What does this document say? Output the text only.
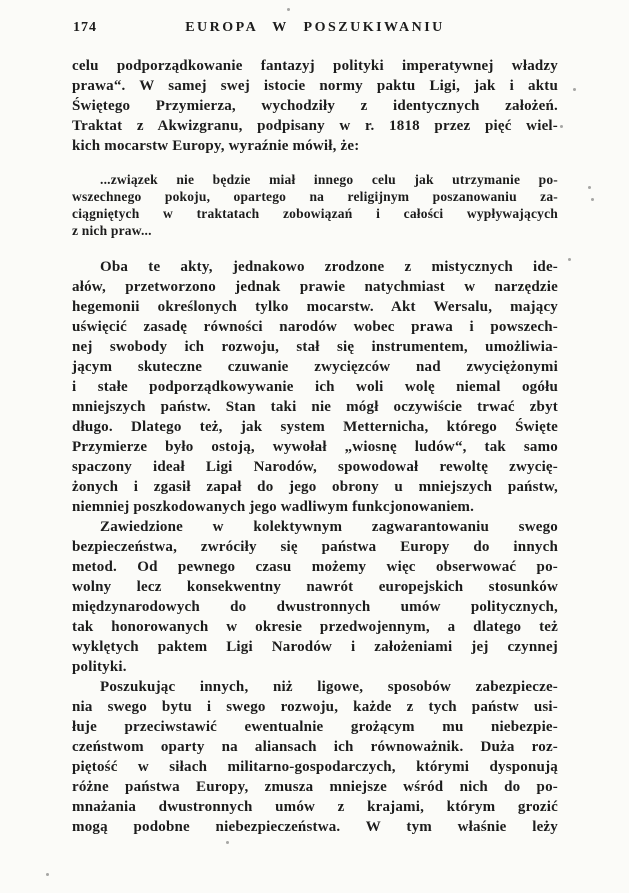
174	EUROPA W POSZUKIWANIU
celu podporządkowanie fantazyj polityki imperatywnej władzy
prawa“. W samej swej istocie normy paktu Ligi, jak i aktu
Świętego Przymierza, wychodziły z identycznych założeń.
Traktat z Akwizgranu, podpisany w r. 1818 przez pięć wiel-
kich mocarstw Europy, wyraźnie mówił, że:
...związek nie będzie miał innego celu jak utrzymanie po-
wszechnego pokoju, opartego na religijnym poszanowaniu za-
ciągniętych w traktatach zobowiązań i całości wypływających
z nich praw...
Oba te akty, jednakowo zrodzone z mistycznych ide-
ałów, przetworzono jednak prawie natychmiast w narzędzie
hegemonii określonych tylko mocarstw. Akt Wersalu, mający
uświęcić zasadę równości narodów wobec prawa i powszech-
nej swobody ich rozwoju, stał się instrumentem, umożliwia-
jącym skuteczne czuwanie zwycięzców nad zwyciężonymi
i stałe podporządkowywanie ich woli wolę niemal ogółu
mniejszych państw. Stan taki nie mógł oczywiście trwać zbyt
długo. Dlatego też, jak system Metternicha, którego Święte
Przymierze było ostoją, wywołał „wiosnę ludów“, tak samo
spaczony ideał Ligi Narodów, spowodował rewoltę zwycię-
żonych i zgasił zapał do jego obrony u mniejszych państw,
niemniej poszkodowanych jego wadliwym funkcjonowaniem.
Zawiedzione w kolektywnym zagwarantowaniu swego
bezpieczeństwa, zwróciły się państwa Europy do innych
metod. Od pewnego czasu możemy więc obserwować po-
wolny lecz konsekwentny nawrót europejskich stosunków
międzynarodowych do dwustronnych umów politycznych,
tak honorowanych w okresie przedwojennym, a dlatego też
wyklętych paktem Ligi Narodów i założeniami jej czynnej
polityki.
Poszukując innych, niż ligowe, sposobów zabezpiecze-
nia swego bytu i swego rozwoju, każde z tych państw usi-
łuje przeciwstawić ewentualnie grożącym mu niebezpie-
czeństwom oparty na aliansach ich równoważnik. Duża roz-
piętość w siłach militarno-gospodarczych, którymi dysponują
różne państwa Europy, zmusza mniejsze wśród nich do po-
mnażania dwustronnych umów z krajami, którym grozić
mogą podobne niebezpieczeństwa. W tym właśnie leży
